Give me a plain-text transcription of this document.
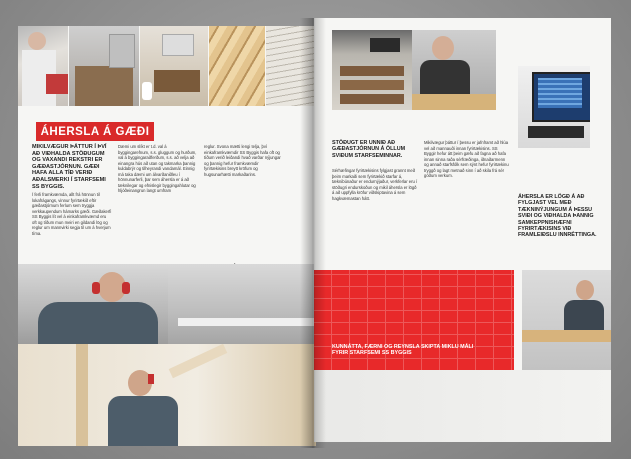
ÁHERSLA Á GÆÐI
MIKILVÆGUR ÞÁTTUR Í ÞVÍ AÐ VIÐHALDA STÖÐUGUM OG VAXANDI REKSTRI ER GÆÐASTJÓRNUN. GÆÐI HAFA ALLA TÍÐ VERIÐ AÐALSMERKI Í STARFSEMI SS BYGGIS.
Í ferli framkvæmda, allt frá hönnun til lokafrágangs, vinnur fyrirtækið eftir gæðastjórnum ferlum sem tryggja verkkaupendum hámarks gæði. Gæðakerfi SS Byggis lít vel á einkaframkvæmd eru oft og tíðum mun meiri en gildandi lög og reglur um mannvirki segja til um á hverjum tíma.
Dæmi um slíkt er t.d. val á byggingarefnum, s.s. gluggum og hurðum, val á byggingaraðferðum, s.s. að velja að einangra hús að utan og takmarka þannig kuldabrýr og tilheyrandi vandamál. Einnig má taka dæmi um álvarðaniðleu í hönnunarferli, þar sem áhersla er á að tæknilegar og efnislegir byggingahlutar og hljóðeinangrun langt umfram
reglur. Svona mætti lengi telja, því einkaframkvæmdir SS Byggis hafa oft og tíðum verið leiðandi hvað varðar nýjungar og þannig hefur framkvæmdir fyrirtækisins breytt kröfum og hugsunarhætti markaðarins.
STÖÐUGT ER UNNIÐ AÐ GÆÐASTJÓRNUN Á ÖLLUM SVIÐUM STARFSEMINNAR.
Sérhæfingar fyrirtækisins fylgjast grannt með þeim markaði sem fyrirtækið starfar á, tæknibúnaður er endurnýjaður, verkferlar eru í stöðugri endurskoðun og mikil áhersla er lögð á að uppfylla kröfur viðskiptavina á sem hagkvæmastan hátt.
Mikilvægur þáttur í þessu er jafnframt að hlúa vel að mannauði innan fyrirtækisins. SS Byggir hefur átt þeim gæfu að fagna að hafa innan sinna raða sérfræðinga, iðnaðarmenn og annað starfsfólk sem sýnt hefur fyrirtækinu tryggð og lagt metnað sinn í að skila frá sér góðum verkum.
ÁHERSLA ER LÖGÐ Á AÐ FYLGJAST VEL MEÐ TÆKNINÝJUNGUM Á ÞESSU SVIÐI OG VIÐHALDA ÞANNIG SAMKEPPNISHÆFNI FYRIRTÆKISINS VIÐ FRAMLEIÐSLU INNRÉTTINGA.
KUNNÁTTA, FÆRNI OG REYNSLA SKIPTA MIKLU MÁLI FYRIR STARFSEMI SS BYGGIS
